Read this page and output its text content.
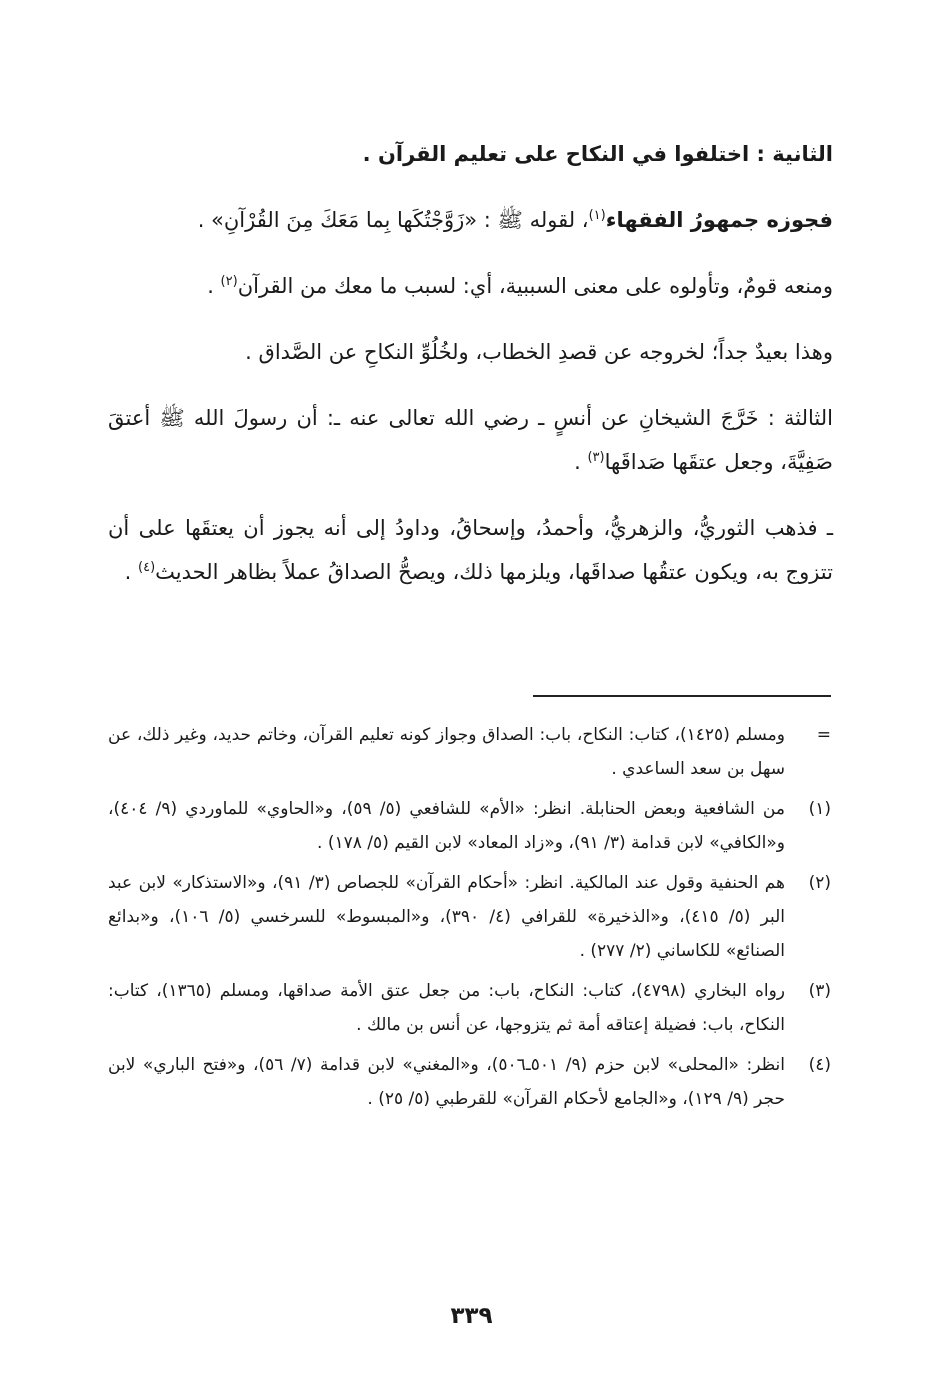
الثانية : اختلفوا في النكاح على تعليم القرآن .

فجوزه جمهورُ الفقهاء$^{(١)}$، لقوله ﷺ : «زَوَّجْتُكَها بِما مَعَكَ مِنَ القُرْآنِ» .

ومنعه قومٌ، وتأولوه على معنى السببية، أي: لسبب ما معك من القرآن$^{(٢)}$ .

وهذا بعيدٌ جداً؛ لخروجه عن قصدِ الخطاب، ولخُلُوِّ النكاحِ عن الصَّداق .

الثالثة : خَرَّجَ الشيخانِ عن أنسٍ ـ رضي الله تعالى عنه ـ: أن رسولَ الله ﷺ أعتقَ صَفِيَّةَ، وجعل عتقَها صَداقَها$^{(٣)}$ .

ـ فذهب الثوريُّ، والزهريُّ، وأحمدُ، وإسحاقُ، وداودُ إلى أنه يجوز أن يعتقَها على أن تتزوج به، ويكون عتقُها صداقَها، ويلزمها ذلك، ويصحُّ الصداقُ عملاً بظاهر الحديث$^{(٤)}$ .

=
ومسلم (١٤٢٥)، كتاب: النكاح، باب: الصداق وجواز كونه تعليم القرآن، وخاتم حديد، وغير ذلك، عن سهل بن سعد الساعدي .
(١)
من الشافعية وبعض الحنابلة. انظر: «الأم» للشافعي (٥/ ٥٩)، و«الحاوي» للماوردي (٩/ ٤٠٤)، و«الكافي» لابن قدامة (٣/ ٩١)، و«زاد المعاد» لابن القيم (٥/ ١٧٨) .
(٢)
هم الحنفية وقول عند المالكية. انظر: «أحكام القرآن» للجصاص (٣/ ٩١)، و«الاستذكار» لابن عبد البر (٥/ ٤١٥)، و«الذخيرة» للقرافي (٤/ ٣٩٠)، و«المبسوط» للسرخسي (٥/ ١٠٦)، و«بدائع الصنائع» للكاساني (٢/ ٢٧٧) .
(٣)
رواه البخاري (٤٧٩٨)، كتاب: النكاح، باب: من جعل عتق الأمة صداقها، ومسلم (١٣٦٥)، كتاب: النكاح، باب: فضيلة إعتاقه أمة ثم يتزوجها، عن أنس بن مالك .
(٤)
انظر: «المحلى» لابن حزم (٩/ ٥٠١ـ٥٠٦)، و«المغني» لابن قدامة (٧/ ٥٦)، و«فتح الباري» لابن حجر (٩/ ١٢٩)، و«الجامع لأحكام القرآن» للقرطبي (٥/ ٢٥) .
٣٣٩
